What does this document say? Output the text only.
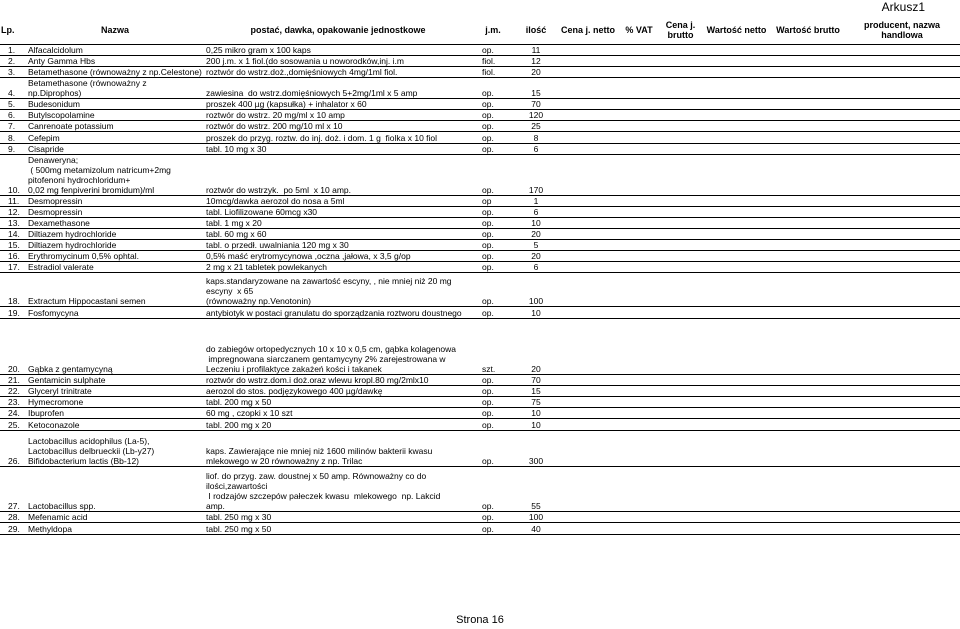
Arkusz1
Lp.	Nazwa	postać, dawka, opakowanie jednostkowe	j.m.	ilość	Cena j. netto	% VAT	Cena j. brutto	Wartość netto	Wartość brutto	producent, nazwa handlowa
1.	Alfacalcidolum	0,25 mikro gram x 100 kaps	op.	11						
2.	Anty Gamma Hbs	200 j.m. x 1 fiol.(do sosowania u noworodków,inj. i.m	fiol.	12						
3.	Betamethasone (równoważny z np.Celestone)	roztwór do wstrz.doż.,domięśniowych 4mg/1ml fiol.	fiol.	20						
4.	Betamethasone (równoważny z np.Diprophos)	zawiesina  do wstrz.domięśniowych 5+2mg/1ml x 5 amp	op.	15						
5.	Budesonidum	proszek 400 µg (kapsułka) + inhalator x 60	op.	70						
6.	Butylscopolamine	roztwór do wstrz. 20 mg/ml x 10 amp	op.	120						
7.	Canrenoate potassium	roztwór do wstrz. 200 mg/10 ml x 10	op.	25						
8.	Cefepim	proszek do przyg. roztw. do inj. doż. i dom. 1 g  fiolka x 10 fiol	op.	8						
9.	Cisapride	tabl. 10 mg x 30	op.	6						
10.	Denaweryna;
( 500mg metamizolum natricum+2mg pitofenoni hydrochloridum+
0,02 mg fenpiverini bromidum)/ml	roztwór do wstrzyk.  po 5ml  x 10 amp.	op.	170						
11.	Desmopressin	10mcg/dawka aerozol do nosa a 5ml	op	1						
12.	Desmopressin	tabl. Liofilizowane 60mcg x30	op.	6						
13.	Dexamethasone	tabl. 1 mg x 20	op.	10						
14.	Diltiazem hydrochloride	tabl. 60 mg x 60	op.	20						
15.	Diltiazem hydrochloride	tabl. o przedł. uwalniania 120 mg x 30	op.	5						
16.	Erythromycinum 0,5% ophtal.	0,5% maść erytromycynowa ,oczna ,jałowa, x 3,5 g/op	op.	20						
17.	Estradiol valerate	2 mg x 21 tabletek powlekanych	op.	6						
18.	Extractum Hippocastani semen	kaps.standaryzowane na zawartość escyny, , nie mniej niż 20 mg escyny  x 65
(równoważny np.Venotonin)	op.	100						
19.	Fosfomycyna	antybiotyk w postaci granulatu do sporządzania roztworu doustnego	op.	10						
20.	Gąbka z gentamycyną	do zabiegów ortopedycznych 10 x 10 x 0,5 cm, gąbka kolagenowa
impregnowana siarczanem gentamycyny 2% zarejestrowana w
Leczeniu i profilaktyce zakażeń kości i takanek	szt.	20						
21.	Gentamicin sulphate	roztwór do wstrz.dom.i doż.oraz wlewu kropl.80 mg/2mlx10	op.	70						
22.	Glyceryl trinitrate	aerozol do stos. podjęzykowego 400 µg/dawkę	op.	15						
23.	Hymecromone	tabl. 200 mg x 50	op.	75						
24.	Ibuprofen	60 mg , czopki x 10 szt	op.	10						
25.	Ketoconazole	tabl. 200 mg x 20	op.	10						
26.	Lactobacillus acidophilus (La-5),
Lactobacillus delbrueckii (Lb-y27)
Bifidobacterium lactis (Bb-12)	kaps. Zawierające nie mniej niż 1600 milinów bakterii kwasu
mlekowego w 20 równoważny z np. Trilac	op.	300						
27.	Lactobacillus spp.	liof. do przyg. zaw. doustnej x 50 amp. Równoważny co do
ilości,zawartości
I rodzajów szczepów pałeczek kwasu  mlekowego  np. Lakcid
amp.	op.	55						
28.	Mefenamic acid	tabl. 250 mg x 30	op.	100						
29.	Methyldopa	tabl. 250 mg x 50	op.	40						
Strona 16
